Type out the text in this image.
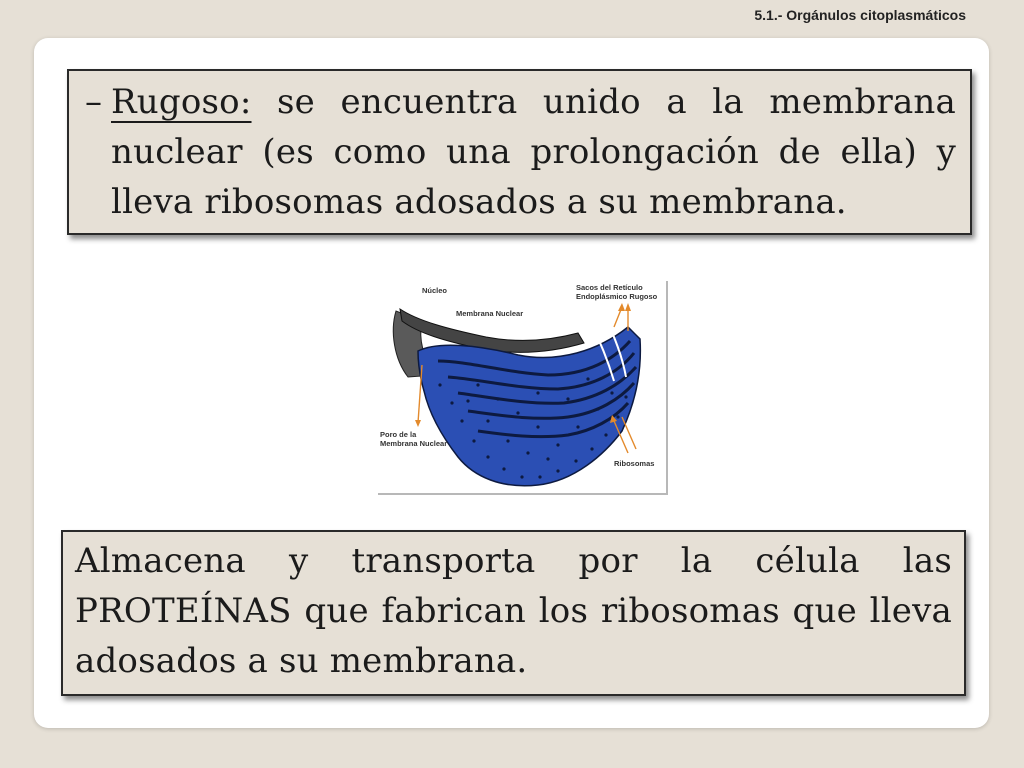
5.1.- Orgánulos citoplasmáticos
– Rugoso: se encuentra unido a la membrana nuclear (es como una prolongación de ella) y lleva ribosomas adosados a su membrana.

Núcleo
Membrana Nuclear
Sacos del Retículo
Endoplásmico Rugoso
Poro de la
Membrana Nuclear
Ribosomas

Almacena y transporta por la célula las PROTEÍNAS que fabrican los ribosomas que lleva adosados a su membrana.
